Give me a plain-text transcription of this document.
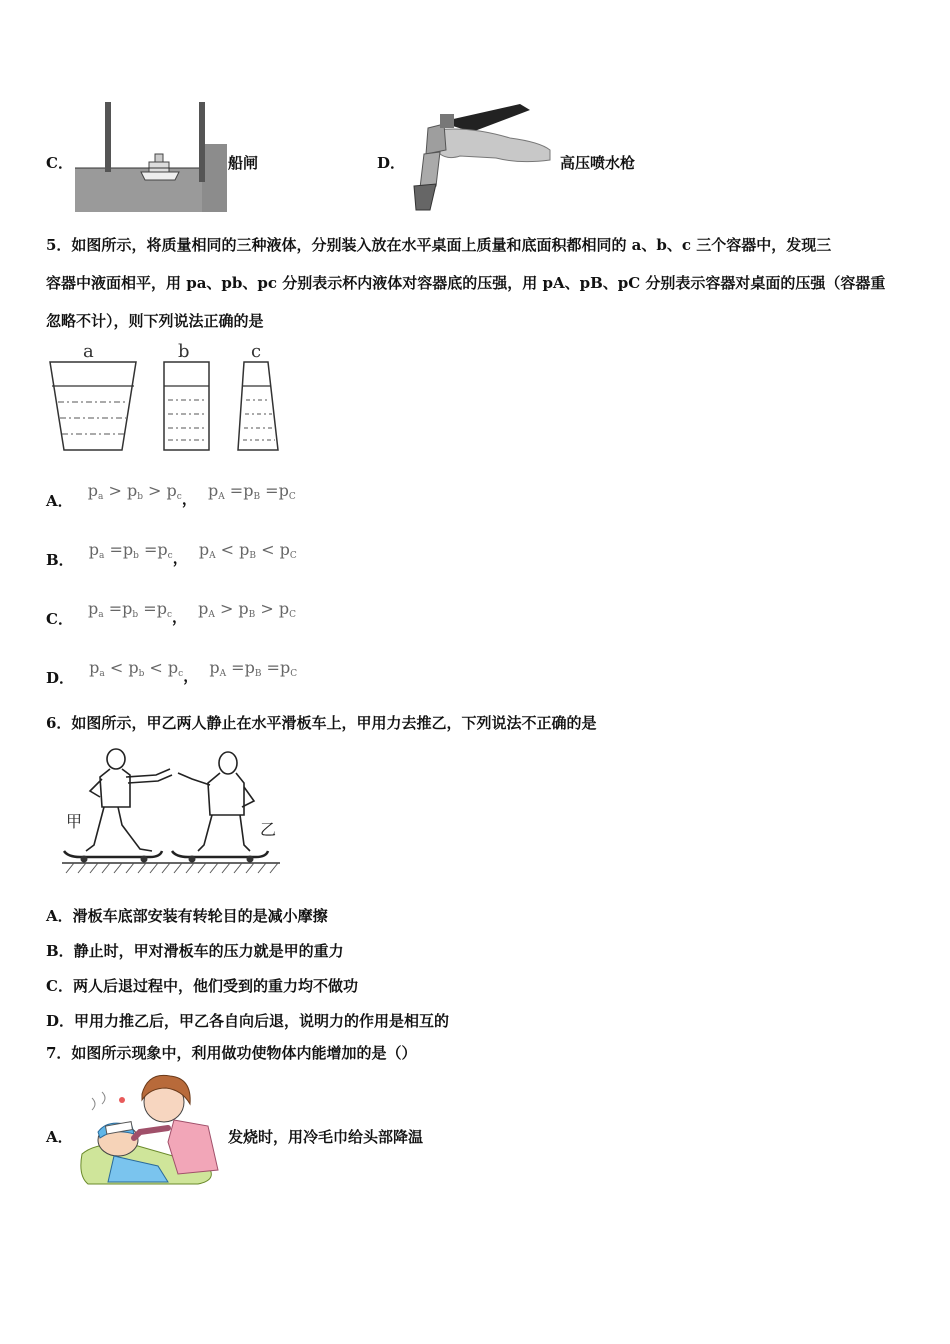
C．	船闸	D．	高压喷水枪
5．如图所示，将质量相同的三种液体，分别装入放在水平桌面上质量和底面积都相同的 a、b、c 三个容器中，发现三
容器中液面相平，用 pa、pb、pc 分别表示杯内液体对容器底的压强，用 pA、pB、pC 分别表示容器对桌面的压强（容器重
忽略不计），则下列说法正确的是
a	b	c
A． $p_a > p_b > p_c$， $p_A =p_B =p_C$
B． $p_a =p_b =p_c$， $p_A < p_B < p_C$
C． $p_a =p_b =p_c$， $p_A > p_B > p_C$
D． $p_a < p_b < p_c$， $p_A =p_B =p_C$
6．如图所示，甲乙两人静止在水平滑板车上，甲用力去推乙，下列说法不正确的是
甲	乙
A．滑板车底部安装有转轮目的是减小摩擦
B．静止时，甲对滑板车的压力就是甲的重力
C．两人后退过程中，他们受到的重力均不做功
D．甲用力推乙后，甲乙各自向后退，说明力的作用是相互的
7．如图所示现象中，利用做功使物体内能增加的是（）
A．	发烧时，用冷毛巾给头部降温
